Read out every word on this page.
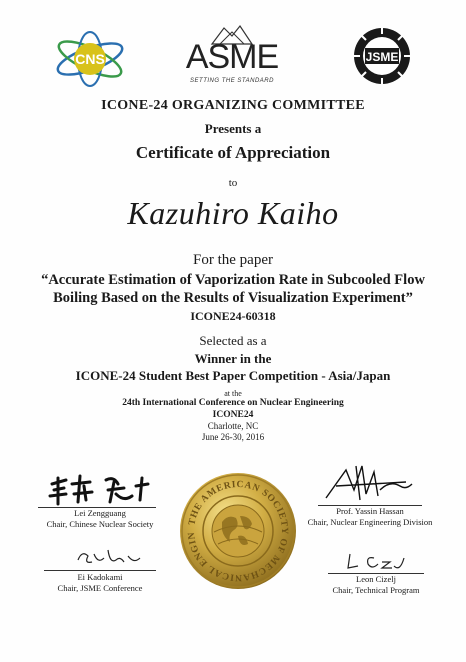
CNS	ASME
SETTING THE STANDARD
JSME
ICONE-24 ORGANIZING COMMITTEE
Presents a
Certificate of Appreciation
to
Kazuhiro Kaiho
For the paper
“Accurate Estimation of Vaporization Rate in Subcooled Flow
Boiling Based on the Results of Visualization Experiment”
ICONE24-60318
Selected as a
Winner in the
ICONE-24 Student Best Paper Competition - Asia/Japan
at the
24th International Conference on Nuclear Engineering
ICONE24
Charlotte, NC
June 26-30, 2016
Lei Zengguang
Chair, Chinese Nuclear Society
Ei Kadokami
Chair, JSME Conference
Prof. Yassin Hassan
Chair, Nuclear Engineering Division
Leon Cizelj
Chair, Technical Program
THE AMERICAN SOCIETY OF MECHANICAL ENGIN
